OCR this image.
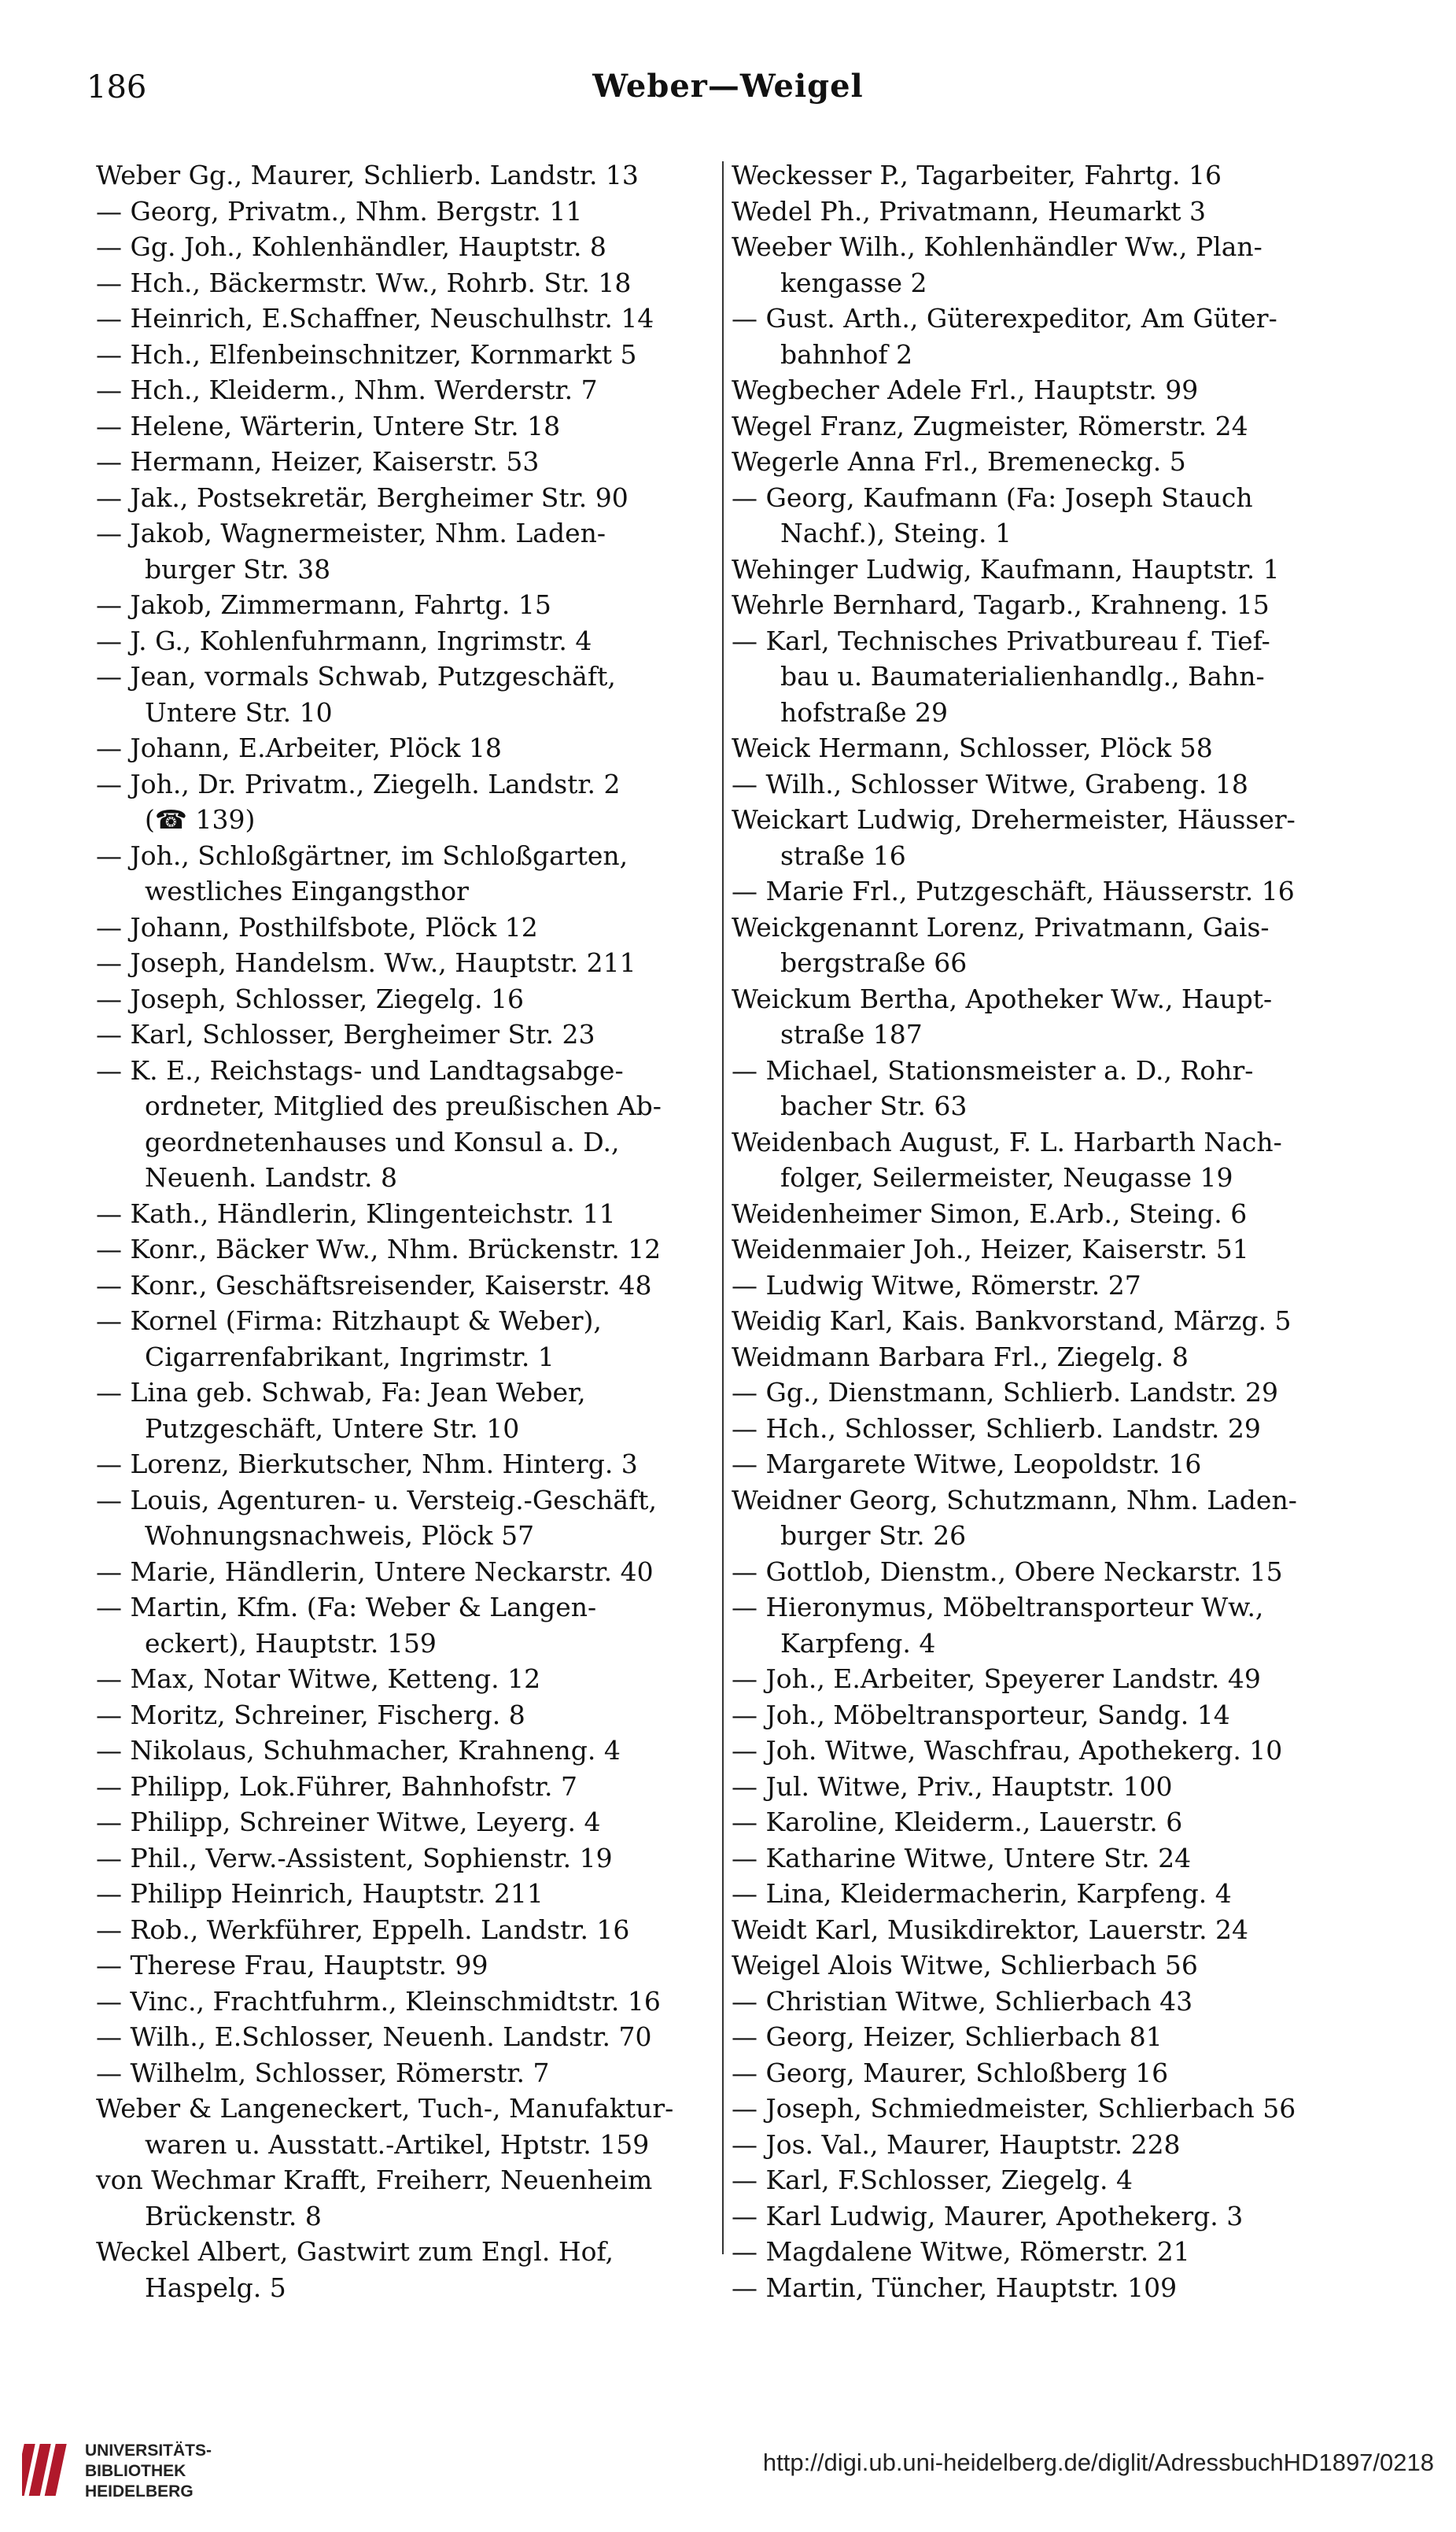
186	Weber—Weigel
Weber Gg., Maurer, Schlierb. Landstr. 13
— Georg, Privatm., Nhm. Bergstr. 11
— Gg. Joh., Kohlenhändler, Hauptstr. 8
— Hch., Bäckermstr. Ww., Rohrb. Str. 18
— Heinrich, E.Schaffner, Neuschulhstr. 14
— Hch., Elfenbeinschnitzer, Kornmarkt 5
— Hch., Kleiderm., Nhm. Werderstr. 7
— Helene, Wärterin, Untere Str. 18
— Hermann, Heizer, Kaiserstr. 53
— Jak., Postsekretär, Bergheimer Str. 90
— Jakob, Wagnermeister, Nhm. Laden-
burger Str. 38
— Jakob, Zimmermann, Fahrtg. 15
— J. G., Kohlenfuhrmann, Ingrimstr. 4
— Jean, vormals Schwab, Putzgeschäft,
Untere Str. 10
— Johann, E.Arbeiter, Plöck 18
— Joh., Dr. Privatm., Ziegelh. Landstr. 2
(☎ 139)
— Joh., Schloßgärtner, im Schloßgarten,
westliches Eingangsthor
— Johann, Posthilfsbote, Plöck 12
— Joseph, Handelsm. Ww., Hauptstr. 211
— Joseph, Schlosser, Ziegelg. 16
— Karl, Schlosser, Bergheimer Str. 23
— K. E., Reichstags- und Landtagsabge-
ordneter, Mitglied des preußischen Ab-
geordnetenhauses und Konsul a. D.,
Neuenh. Landstr. 8
— Kath., Händlerin, Klingenteichstr. 11
— Konr., Bäcker Ww., Nhm. Brückenstr. 12
— Konr., Geschäftsreisender, Kaiserstr. 48
— Kornel (Firma: Ritzhaupt & Weber),
Cigarrenfabrikant, Ingrimstr. 1
— Lina geb. Schwab, Fa: Jean Weber,
Putzgeschäft, Untere Str. 10
— Lorenz, Bierkutscher, Nhm. Hinterg. 3
— Louis, Agenturen- u. Versteig.-Geschäft,
Wohnungsnachweis, Plöck 57
— Marie, Händlerin, Untere Neckarstr. 40
— Martin, Kfm. (Fa: Weber & Langen-
eckert), Hauptstr. 159
— Max, Notar Witwe, Ketteng. 12
— Moritz, Schreiner, Fischerg. 8
— Nikolaus, Schuhmacher, Krahneng. 4
— Philipp, Lok.Führer, Bahnhofstr. 7
— Philipp, Schreiner Witwe, Leyerg. 4
— Phil., Verw.-Assistent, Sophienstr. 19
— Philipp Heinrich, Hauptstr. 211
— Rob., Werkführer, Eppelh. Landstr. 16
— Therese Frau, Hauptstr. 99
— Vinc., Frachtfuhrm., Kleinschmidtstr. 16
— Wilh., E.Schlosser, Neuenh. Landstr. 70
— Wilhelm, Schlosser, Römerstr. 7
Weber & Langeneckert, Tuch-, Manufaktur-
waren u. Ausstatt.-Artikel, Hptstr. 159
von Wechmar Krafft, Freiherr, Neuenheim
Brückenstr. 8
Weckel Albert, Gastwirt zum Engl. Hof,
Haspelg. 5
Weckesser P., Tagarbeiter, Fahrtg. 16
Wedel Ph., Privatmann, Heumarkt 3
Weeber Wilh., Kohlenhändler Ww., Plan-
kengasse 2
— Gust. Arth., Güterexpeditor, Am Güter-
bahnhof 2
Wegbecher Adele Frl., Hauptstr. 99
Wegel Franz, Zugmeister, Römerstr. 24
Wegerle Anna Frl., Bremeneckg. 5
— Georg, Kaufmann (Fa: Joseph Stauch
Nachf.), Steing. 1
Wehinger Ludwig, Kaufmann, Hauptstr. 1
Wehrle Bernhard, Tagarb., Krahneng. 15
— Karl, Technisches Privatbureau f. Tief-
bau u. Baumaterialienhandlg., Bahn-
hofstraße 29
Weick Hermann, Schlosser, Plöck 58
— Wilh., Schlosser Witwe, Grabeng. 18
Weickart Ludwig, Drehermeister, Häusser-
straße 16
— Marie Frl., Putzgeschäft, Häusserstr. 16
Weickgenannt Lorenz, Privatmann, Gais-
bergstraße 66
Weickum Bertha, Apotheker Ww., Haupt-
straße 187
— Michael, Stationsmeister a. D., Rohr-
bacher Str. 63
Weidenbach August, F. L. Harbarth Nach-
folger, Seilermeister, Neugasse 19
Weidenheimer Simon, E.Arb., Steing. 6
Weidenmaier Joh., Heizer, Kaiserstr. 51
— Ludwig Witwe, Römerstr. 27
Weidig Karl, Kais. Bankvorstand, Märzg. 5
Weidmann Barbara Frl., Ziegelg. 8
— Gg., Dienstmann, Schlierb. Landstr. 29
— Hch., Schlosser, Schlierb. Landstr. 29
— Margarete Witwe, Leopoldstr. 16
Weidner Georg, Schutzmann, Nhm. Laden-
burger Str. 26
— Gottlob, Dienstm., Obere Neckarstr. 15
— Hieronymus, Möbeltransporteur Ww.,
Karpfeng. 4
— Joh., E.Arbeiter, Speyerer Landstr. 49
— Joh., Möbeltransporteur, Sandg. 14
— Joh. Witwe, Waschfrau, Apothekerg. 10
— Jul. Witwe, Priv., Hauptstr. 100
— Karoline, Kleiderm., Lauerstr. 6
— Katharine Witwe, Untere Str. 24
— Lina, Kleidermacherin, Karpfeng. 4
Weidt Karl, Musikdirektor, Lauerstr. 24
Weigel Alois Witwe, Schlierbach 56
— Christian Witwe, Schlierbach 43
— Georg, Heizer, Schlierbach 81
— Georg, Maurer, Schloßberg 16
— Joseph, Schmiedmeister, Schlierbach 56
— Jos. Val., Maurer, Hauptstr. 228
— Karl, F.Schlosser, Ziegelg. 4
— Karl Ludwig, Maurer, Apothekerg. 3
— Magdalene Witwe, Römerstr. 21
— Martin, Tüncher, Hauptstr. 109
UNIVERSITÄTS-
BIBLIOTHEK
HEIDELBERG
http://digi.ub.uni-heidelberg.de/diglit/AdressbuchHD1897/0218
